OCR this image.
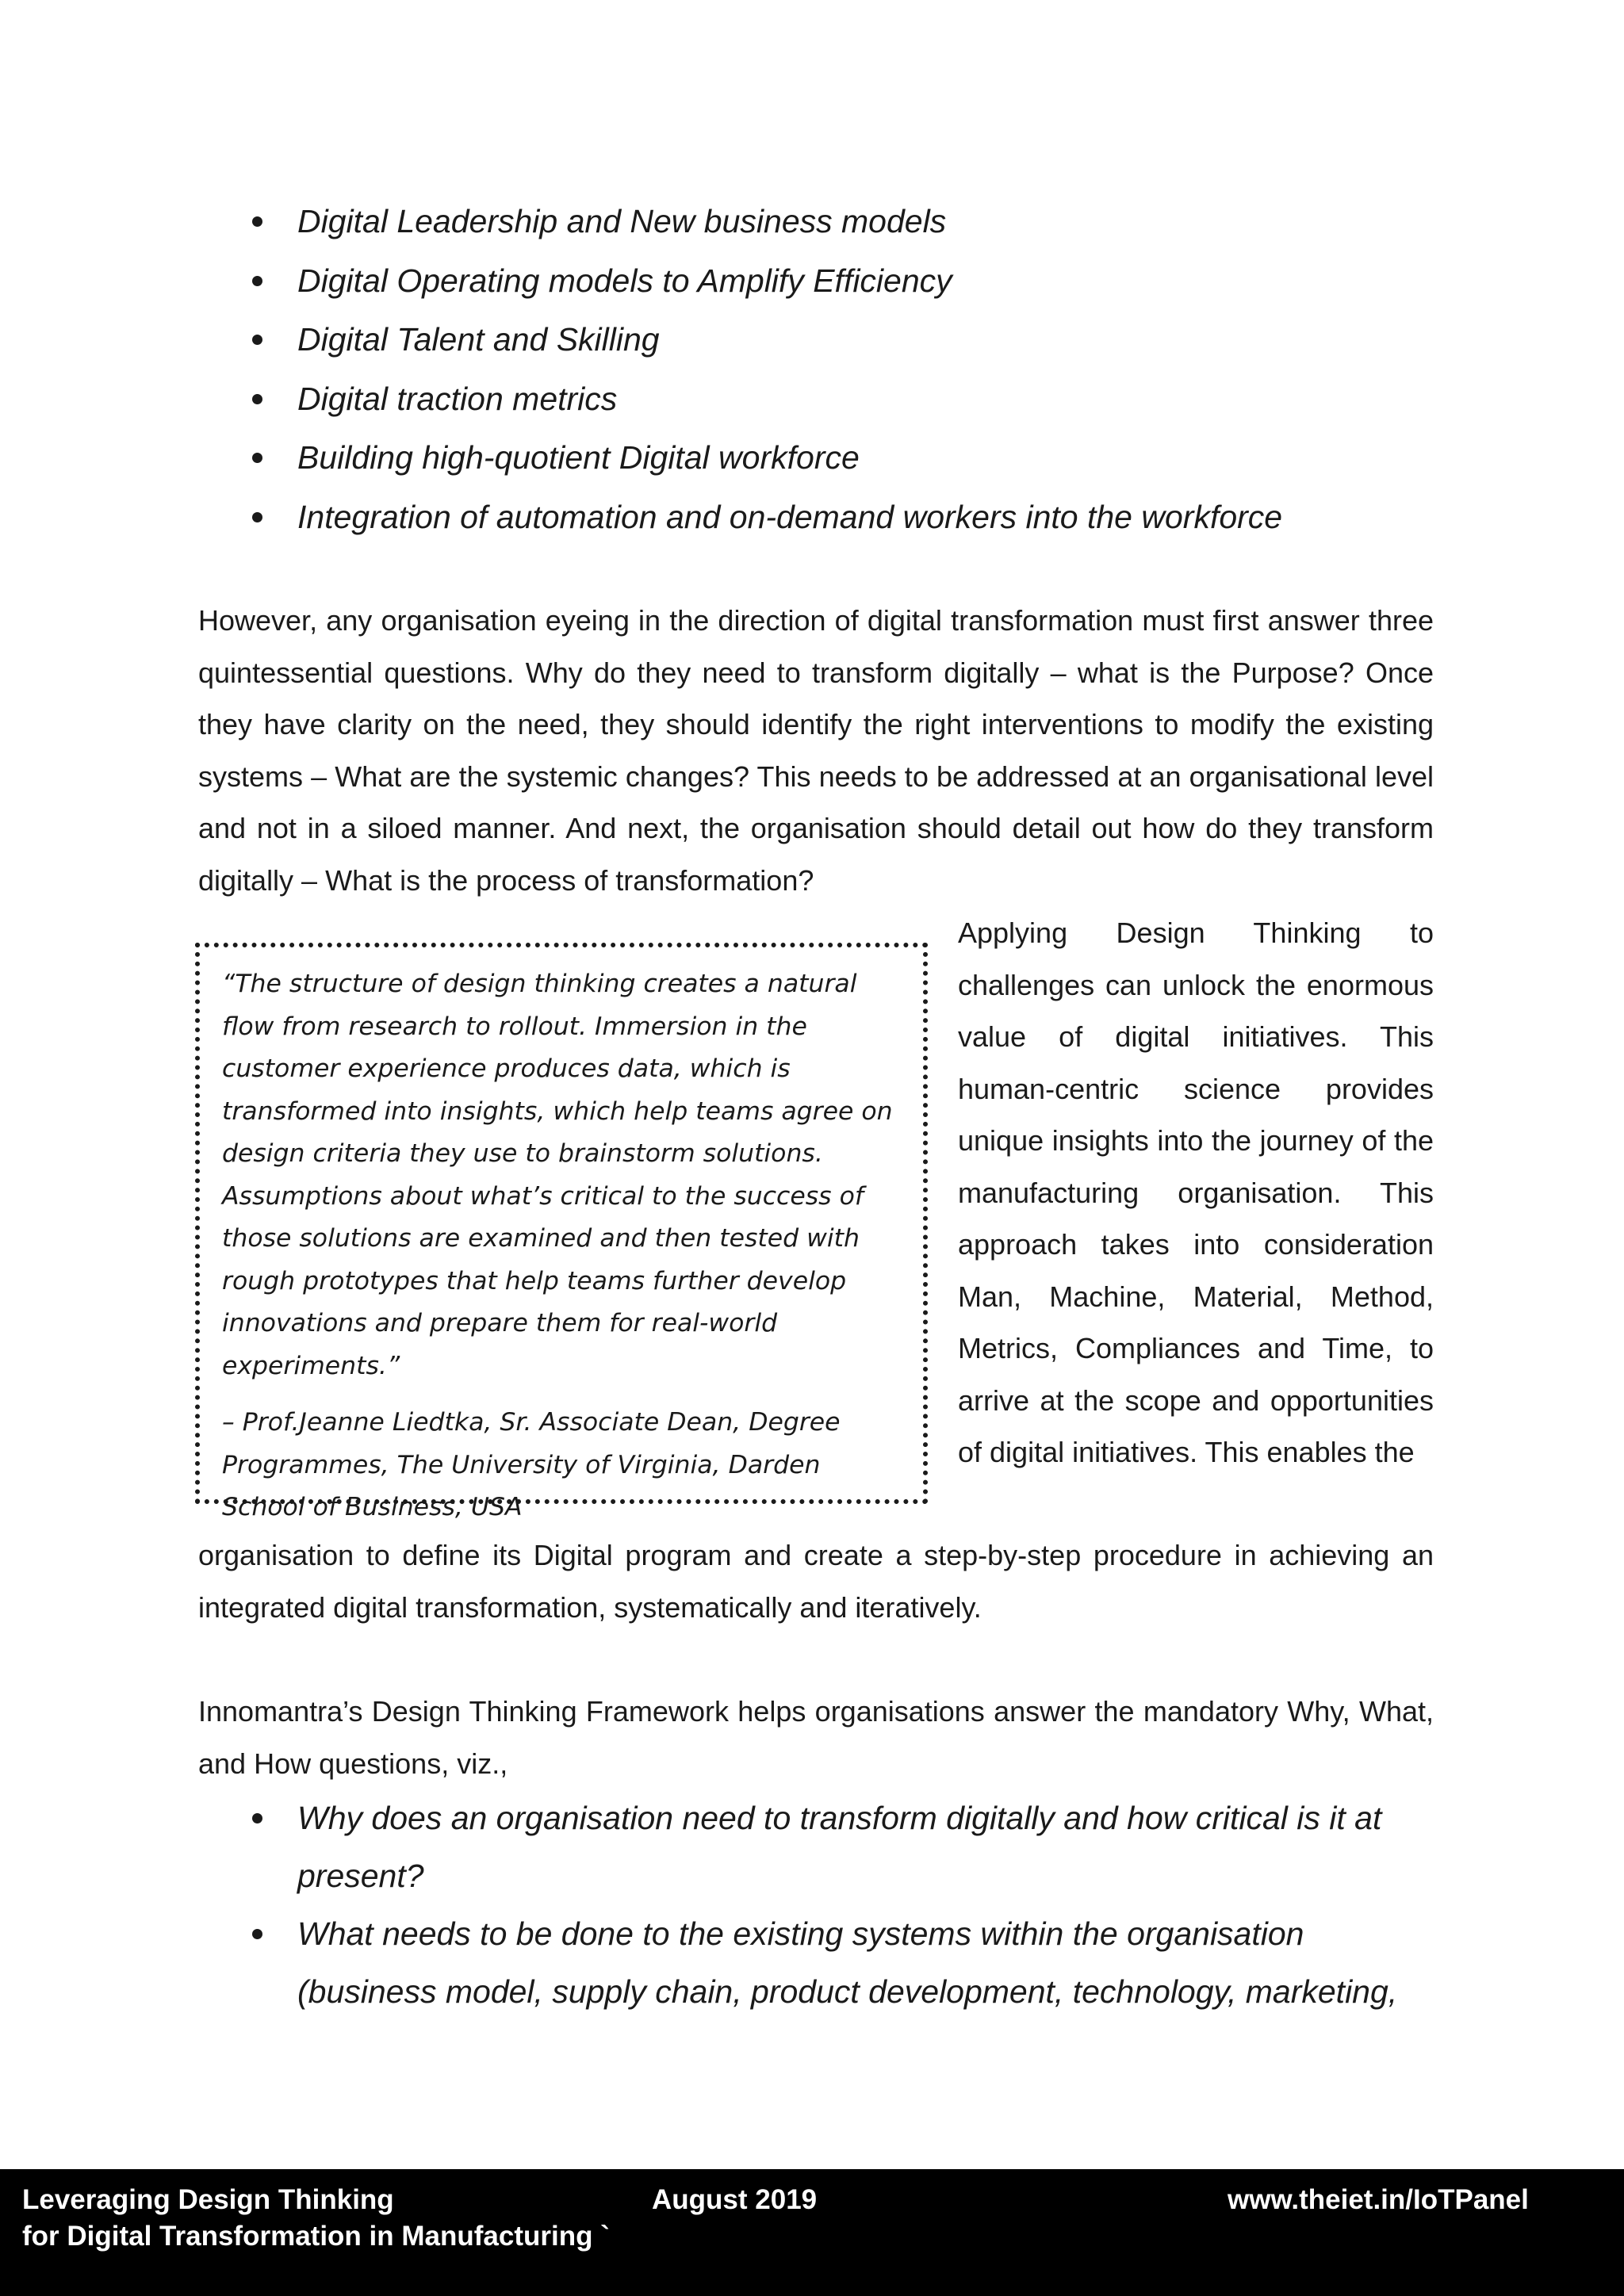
Digital Leadership and New business models
Digital Operating models to Amplify Efficiency
Digital Talent and Skilling
Digital traction metrics
Building high-quotient Digital workforce
Integration of automation and on-demand workers into the workforce

However, any organisation eyeing in the direction of digital transformation must first answer three quintessential questions. Why do they need to transform digitally – what is the Purpose? Once they have clarity on the need, they should identify the right interventions to modify the existing systems – What are the systemic changes? This needs to be addressed at an organisational level and not in a siloed manner. And next, the organisation should detail out how do they transform digitally – What is the process of transformation?

“The structure of design thinking creates a natural flow from research to rollout. Immersion in the customer experience produces data, which is transformed into insights, which help teams agree on design criteria they use to brainstorm solutions. Assumptions about what’s critical to the success of those solutions are examined and then tested with rough prototypes that help teams further develop innovations and prepare them for real-world experiments.”

– Prof.Jeanne Liedtka, Sr. Associate Dean, Degree Programmes, The University of Virginia, Darden School of Business, USA

Applying Design Thinking to challenges can unlock the enormous value of digital initiatives. This human-centric science provides unique insights into the journey of the manufacturing organisation. This approach takes into consideration Man, Machine, Material, Method, Metrics, Compliances and Time, to arrive at the scope and opportunities of digital initiatives. This enables the

organisation to define its Digital program and create a step-by-step procedure in achieving an integrated digital transformation, systematically and iteratively.

Innomantra’s Design Thinking Framework helps organisations answer the mandatory Why, What, and How questions, viz.,

Why does an organisation need to transform digitally and how critical is it at present?
What needs to be done to the existing systems within the organisation (business model, supply chain, product development, technology, marketing,
Leveraging Design Thinking
for Digital Transformation in Manufacturing `
August 2019	www.theiet.in/IoTPanel
